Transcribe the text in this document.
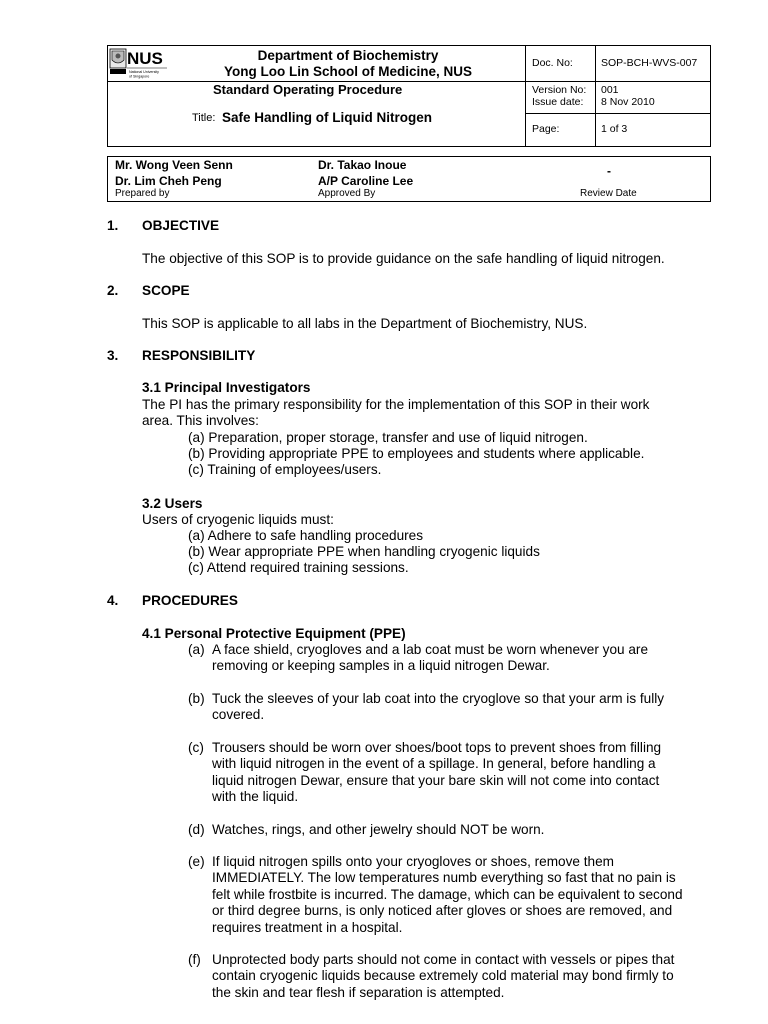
NUS
National University
of Singapore
Department of Biochemistry
Yong Loo Lin School of Medicine, NUS
Standard Operating Procedure
Title: Safe Handling of Liquid Nitrogen
Doc. No:	SOP-BCH-WVS-007
Version No: 001
Issue date: 8 Nov 2010
Page:	1 of 3
Mr. Wong Veen Senn
Dr. Lim Cheh Peng
Prepared by
Dr. Takao Inoue
A/P Caroline Lee
Approved By
-
Review Date
1. OBJECTIVE
The objective of this SOP is to provide guidance on the safe handling of liquid nitrogen.
2. SCOPE
This SOP is applicable to all labs in the Department of Biochemistry, NUS.
3. RESPONSIBILITY
3.1 Principal Investigators
The PI has the primary responsibility for the implementation of this SOP in their work
area. This involves:
(a) Preparation, proper storage, transfer and use of liquid nitrogen.
(b) Providing appropriate PPE to employees and students where applicable.
(c) Training of employees/users.
3.2 Users
Users of cryogenic liquids must:
(a) Adhere to safe handling procedures
(b) Wear appropriate PPE when handling cryogenic liquids
(c) Attend required training sessions.
4. PROCEDURES
4.1 Personal Protective Equipment (PPE)
(a) A face shield, cryogloves and a lab coat must be worn whenever you are
removing or keeping samples in a liquid nitrogen Dewar.
(b) Tuck the sleeves of your lab coat into the cryoglove so that your arm is fully
covered.
(c) Trousers should be worn over shoes/boot tops to prevent shoes from filling
with liquid nitrogen in the event of a spillage. In general, before handling a
liquid nitrogen Dewar, ensure that your bare skin will not come into contact
with the liquid.
(d) Watches, rings, and other jewelry should NOT be worn.
(e) If liquid nitrogen spills onto your cryogloves or shoes, remove them
IMMEDIATELY. The low temperatures numb everything so fast that no pain is
felt while frostbite is incurred. The damage, which can be equivalent to second
or third degree burns, is only noticed after gloves or shoes are removed, and
requires treatment in a hospital.
(f) Unprotected body parts should not come in contact with vessels or pipes that
contain cryogenic liquids because extremely cold material may bond firmly to
the skin and tear flesh if separation is attempted.
